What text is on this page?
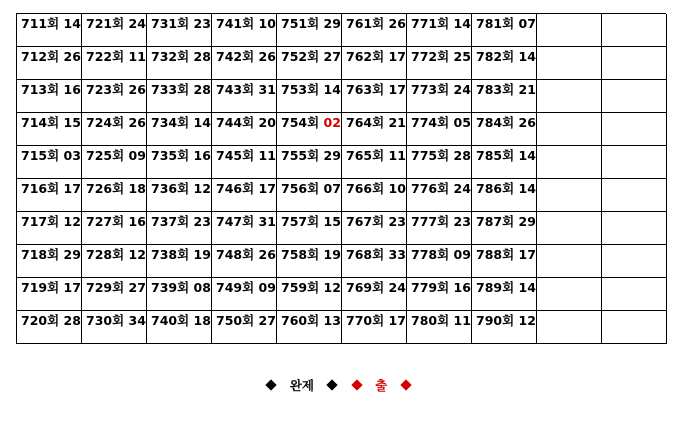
711회 14 721회 24 731회 23 741회 10 751회 29 761회 26 771회 14 781회 07
712회 26 722회 11 732회 28 742회 26 752회 27 762회 17 772회 25 782회 14
713회 16 723회 26 733회 28 743회 31 753회 14 763회 17 773회 24 783회 21
714회 15 724회 26 734회 14 744회 20 754회 02 764회 21 774회 05 784회 26
715회 03 725회 09 735회 16 745회 11 755회 29 765회 11 775회 28 785회 14
716회 17 726회 18 736회 12 746회 17 756회 07 766회 10 776회 24 786회 14
717회 12 727회 16 737회 23 747회 31 757회 15 767회 23 777회 23 787회 29
718회 29 728회 12 738회 19 748회 26 758회 19 768회 33 778회 09 788회 17
719회 17 729회 27 739회 08 749회 09 759회 12 769회 24 779회 16 789회 14
720회 28 730회 34 740회 18 750회 27 760회 13 770회 17 780회 11 790회 12
완제	출
